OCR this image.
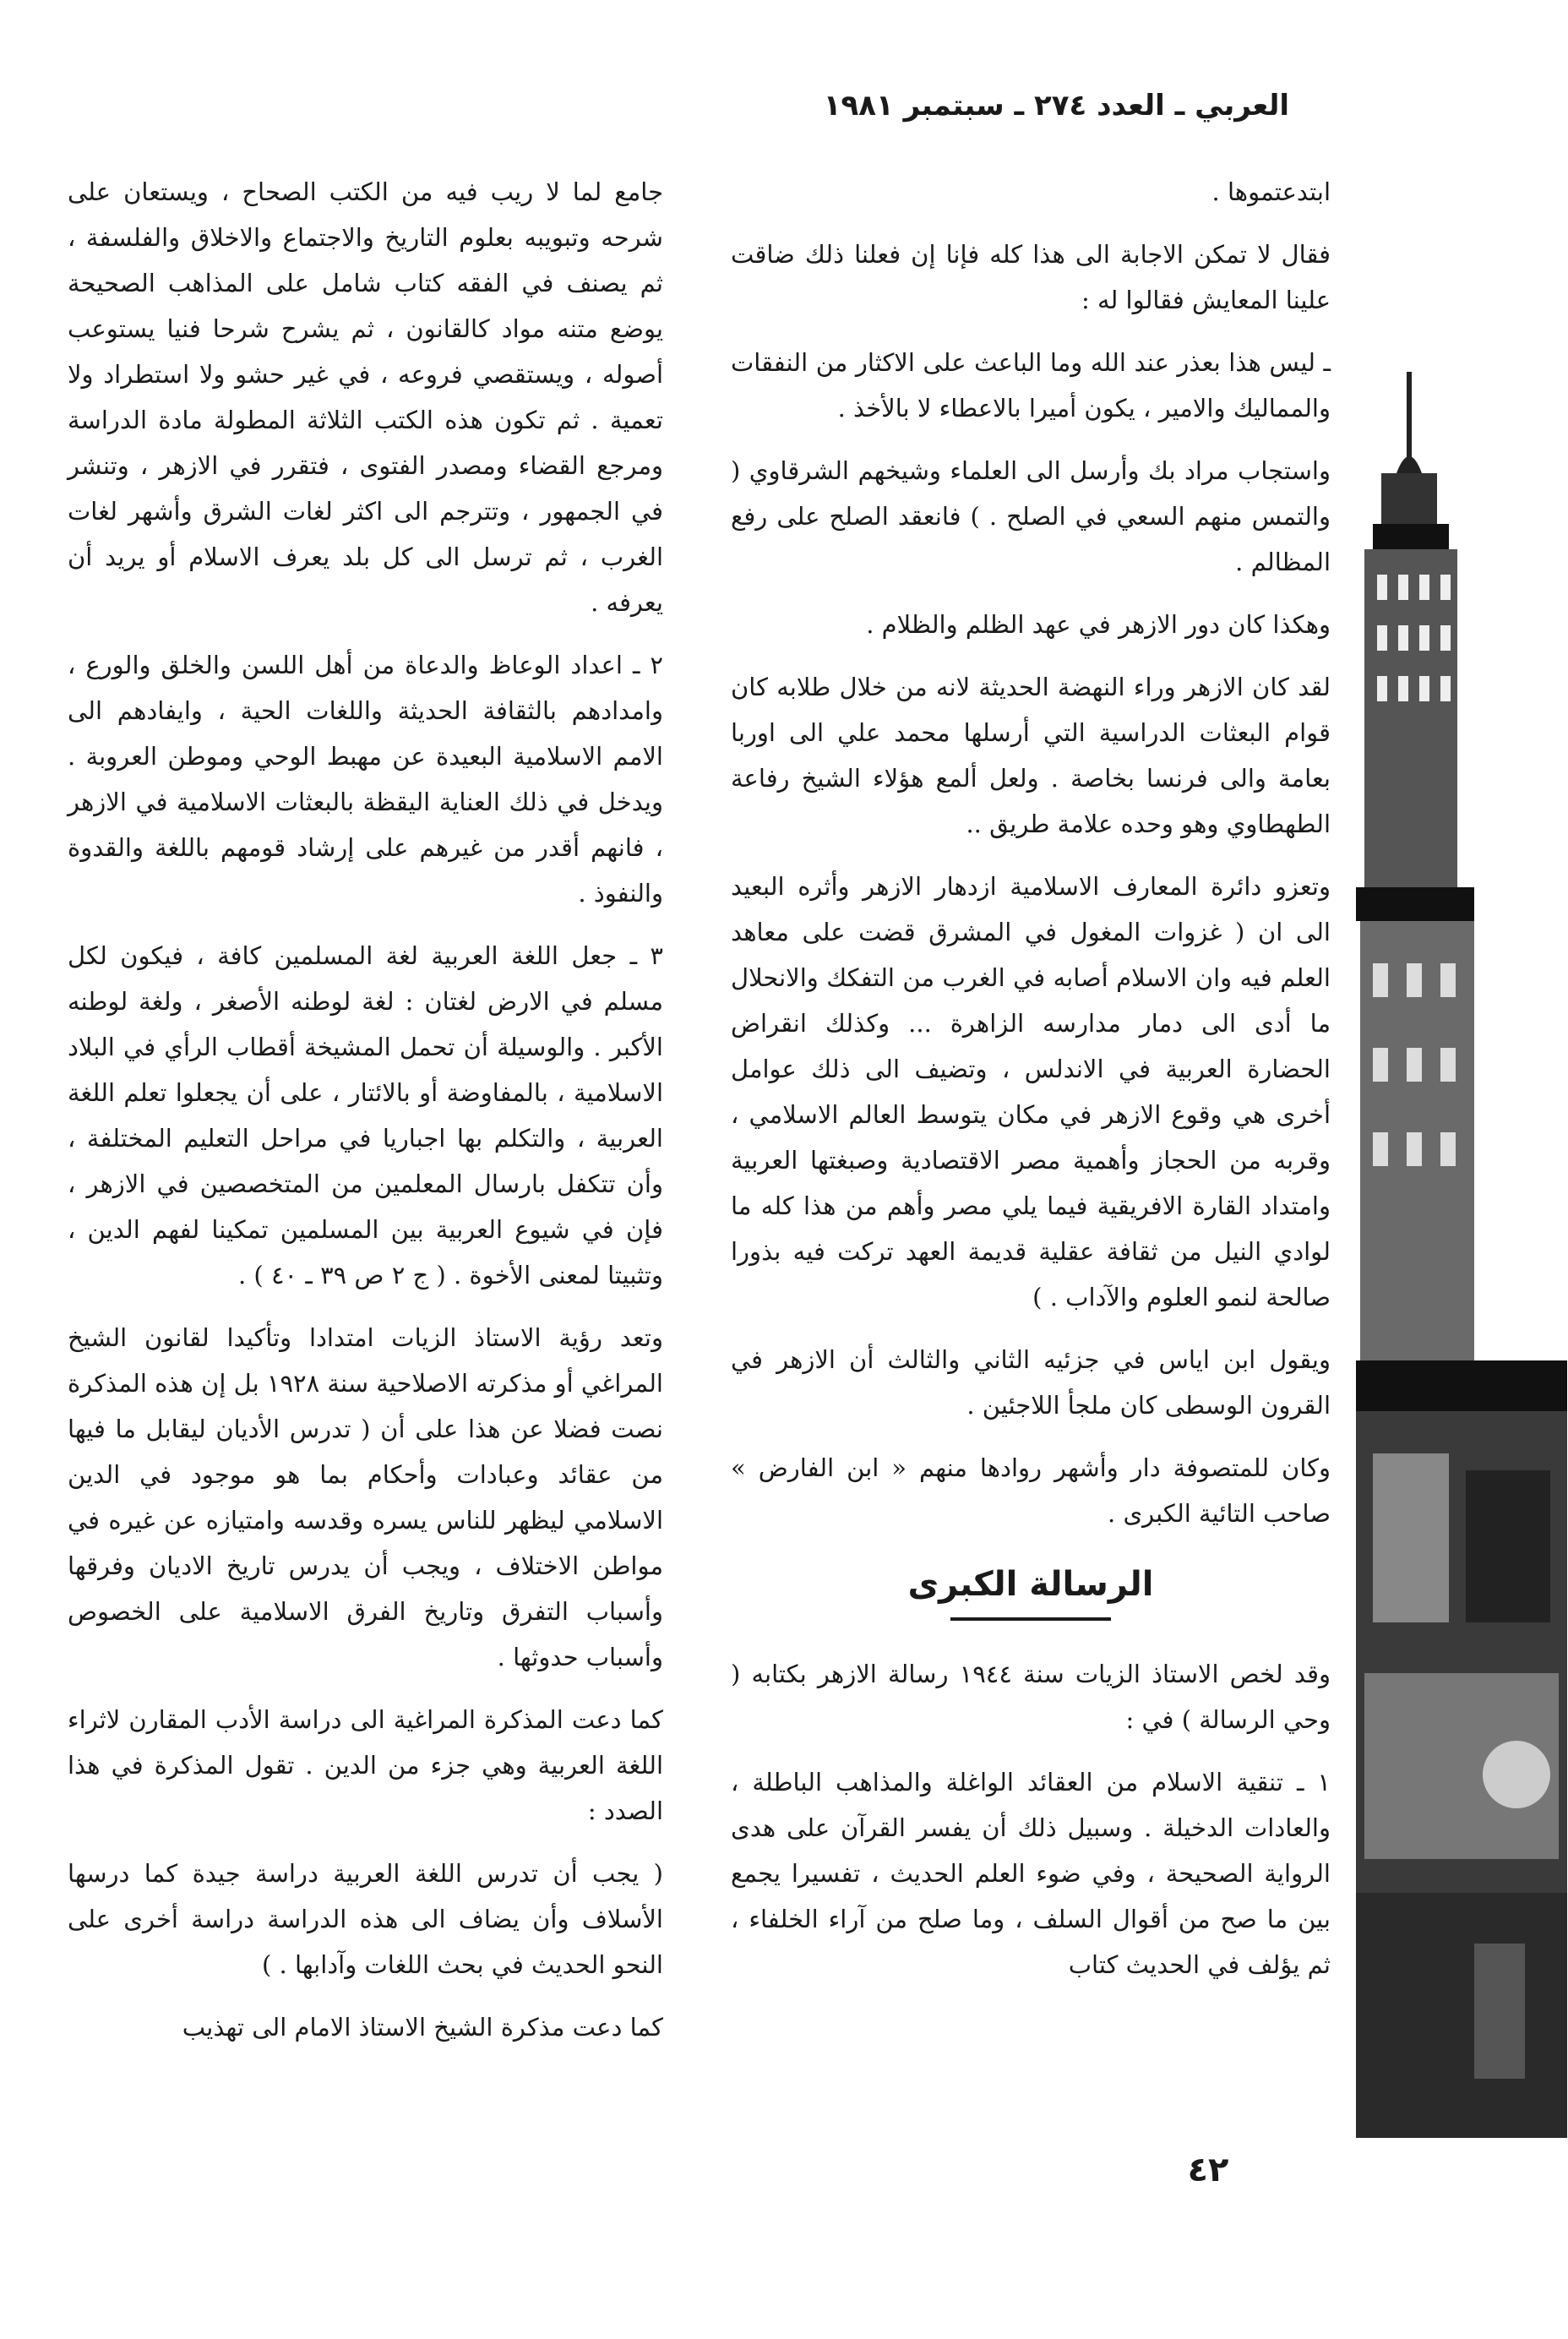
العربي ـ العدد ٢٧٤ ـ سبتمبر ١٩٨١

ابتدعتموها .

فقال لا تمكن الاجابة الى هذا كله فإنا إن فعلنا ذلك ضاقت علينا المعايش فقالوا له :

ـ ليس هذا بعذر عند الله وما الباعث على الاكثار من النفقات والمماليك والامير ، يكون أميرا بالاعطاء لا بالأخذ .

واستجاب مراد بك وأرسل الى العلماء وشيخهم الشرقاوي ( والتمس منهم السعي في الصلح . ) فانعقد الصلح على رفع المظالم .

وهكذا كان دور الازهر في عهد الظلم والظلام .

لقد كان الازهر وراء النهضة الحديثة لانه من خلال طلابه كان قوام البعثات الدراسية التي أرسلها محمد علي الى اوربا بعامة والى فرنسا بخاصة . ولعل ألمع هؤلاء الشيخ رفاعة الطهطاوي وهو وحده علامة طريق ..

وتعزو دائرة المعارف الاسلامية ازدهار الازهر وأثره البعيد الى ان ( غزوات المغول في المشرق قضت على معاهد العلم فيه وان الاسلام أصابه في الغرب من التفكك والانحلال ما أدى الى دمار مدارسه الزاهرة ... وكذلك انقراض الحضارة العربية في الاندلس ، وتضيف الى ذلك عوامل أخرى هي وقوع الازهر في مكان يتوسط العالم الاسلامي ، وقربه من الحجاز وأهمية مصر الاقتصادية وصبغتها العربية وامتداد القارة الافريقية فيما يلي مصر وأهم من هذا كله ما لوادي النيل من ثقافة عقلية قديمة العهد تركت فيه بذورا صالحة لنمو العلوم والآداب . )

ويقول ابن اياس في جزئيه الثاني والثالث أن الازهر في القرون الوسطى كان ملجأ اللاجئين .

وكان للمتصوفة دار وأشهر روادها منهم « ابن الفارض » صاحب التائية الكبرى .

الرسالة الكبرى

وقد لخص الاستاذ الزيات سنة ١٩٤٤ رسالة الازهر بكتابه ( وحي الرسالة ) في :

١ ـ تنقية الاسلام من العقائد الواغلة والمذاهب الباطلة ، والعادات الدخيلة . وسبيل ذلك أن يفسر القرآن على هدى الرواية الصحيحة ، وفي ضوء العلم الحديث ، تفسيرا يجمع بين ما صح من أقوال السلف ، وما صلح من آراء الخلفاء ، ثم يؤلف في الحديث كتاب

جامع لما لا ريب فيه من الكتب الصحاح ، ويستعان على شرحه وتبويبه بعلوم التاريخ والاجتماع والاخلاق والفلسفة ، ثم يصنف في الفقه كتاب شامل على المذاهب الصحيحة يوضع متنه مواد كالقانون ، ثم يشرح شرحا فنيا يستوعب أصوله ، ويستقصي فروعه ، في غير حشو ولا استطراد ولا تعمية . ثم تكون هذه الكتب الثلاثة المطولة مادة الدراسة ومرجع القضاء ومصدر الفتوى ، فتقرر في الازهر ، وتنشر في الجمهور ، وتترجم الى اكثر لغات الشرق وأشهر لغات الغرب ، ثم ترسل الى كل بلد يعرف الاسلام أو يريد أن يعرفه .

٢ ـ اعداد الوعاظ والدعاة من أهل اللسن والخلق والورع ، وامدادهم بالثقافة الحديثة واللغات الحية ، وايفادهم الى الامم الاسلامية البعيدة عن مهبط الوحي وموطن العروبة . ويدخل في ذلك العناية اليقظة بالبعثات الاسلامية في الازهر ، فانهم أقدر من غيرهم على إرشاد قومهم باللغة والقدوة والنفوذ .

٣ ـ جعل اللغة العربية لغة المسلمين كافة ، فيكون لكل مسلم في الارض لغتان : لغة لوطنه الأصغر ، ولغة لوطنه الأكبر . والوسيلة أن تحمل المشيخة أقطاب الرأي في البلاد الاسلامية ، بالمفاوضة أو بالائتار ، على أن يجعلوا تعلم اللغة العربية ، والتكلم بها اجباريا في مراحل التعليم المختلفة ، وأن تتكفل بارسال المعلمين من المتخصصين في الازهر ، فإن في شيوع العربية بين المسلمين تمكينا لفهم الدين ، وتثبيتا لمعنى الأخوة . ( ج ٢ ص ٣٩ ـ ٤٠ ) .

وتعد رؤية الاستاذ الزيات امتدادا وتأكيدا لقانون الشيخ المراغي أو مذكرته الاصلاحية سنة ١٩٢٨ بل إن هذه المذكرة نصت فضلا عن هذا على أن ( تدرس الأديان ليقابل ما فيها من عقائد وعبادات وأحكام بما هو موجود في الدين الاسلامي ليظهر للناس يسره وقدسه وامتيازه عن غيره في مواطن الاختلاف ، ويجب أن يدرس تاريخ الاديان وفرقها وأسباب التفرق وتاريخ الفرق الاسلامية على الخصوص وأسباب حدوثها .

كما دعت المذكرة المراغية الى دراسة الأدب المقارن لاثراء اللغة العربية وهي جزء من الدين . تقول المذكرة في هذا الصدد :

( يجب أن تدرس اللغة العربية دراسة جيدة كما درسها الأسلاف وأن يضاف الى هذه الدراسة دراسة أخرى على النحو الحديث في بحث اللغات وآدابها . )

كما دعت مذكرة الشيخ الاستاذ الامام الى تهذيب

٤٢
